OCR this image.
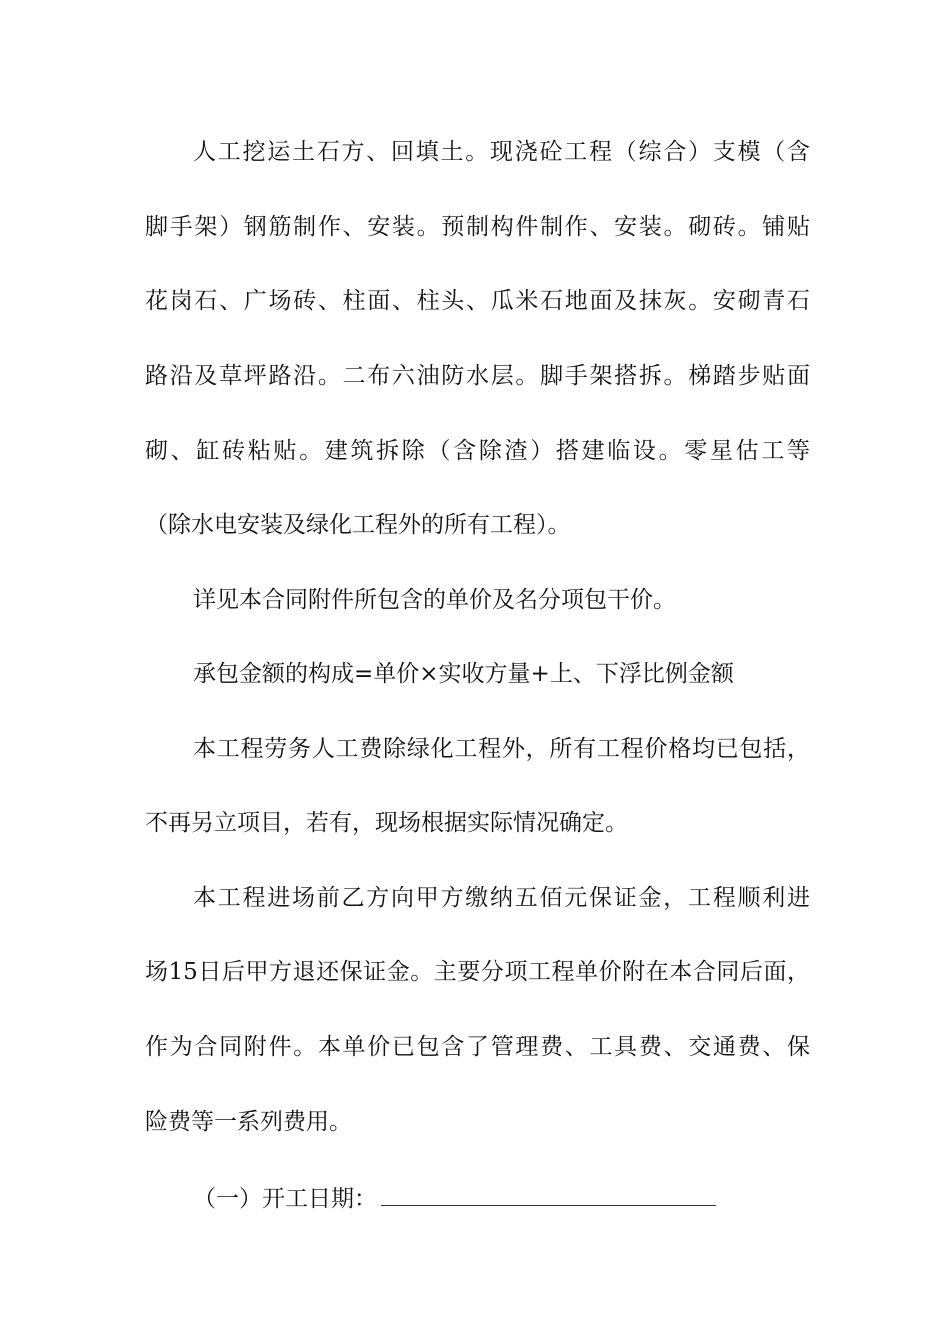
人工挖运土石方、回填土。现浇砼工程（综合）支模（含
脚手架）钢筋制作、安装。预制构件制作、安装。砌砖。铺贴
花岗石、广场砖、柱面、柱头、瓜米石地面及抹灰。安砌青石
路沿及草坪路沿。二布六油防水层。脚手架搭拆。梯踏步贴面
砌、缸砖粘贴。建筑拆除（含除渣）搭建临设。零星估工等
（除水电安装及绿化工程外的所有工程）。
详见本合同附件所包含的单价及名分项包干价。
承包金额的构成=单价×实收方量+上、下浮比例金额
本工程劳务人工费除绿化工程外，所有工程价格均已包括，
不再另立项目，若有，现场根据实际情况确定。
本工程进场前乙方向甲方缴纳五佰元保证金，工程顺利进
场15日后甲方退还保证金。主要分项工程单价附在本合同后面，
作为合同附件。本单价已包含了管理费、工具费、交通费、保
险费等一系列费用。
（一）开工日期：
